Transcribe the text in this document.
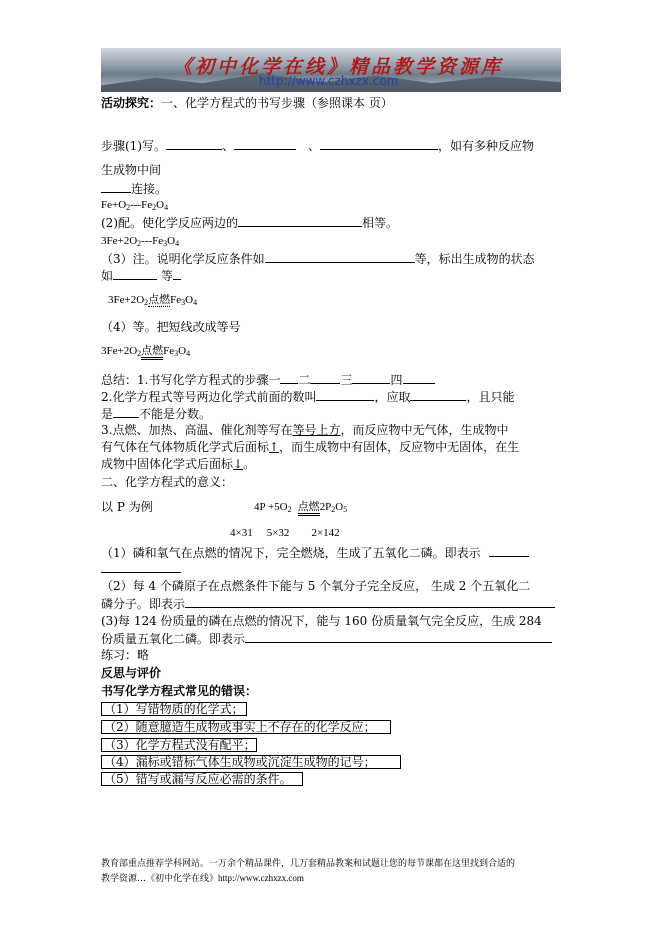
《初中化学在线》精品教学资源库
http://www.czhxzx.com
活动探究：一、化学方程式的书写步骤（参照课本 页）
步骤(1)写。	、	、	，如有多种反应物
生成物中间
连接。
$Fe+O_2---Fe_2O_4$
(2)配。使化学反应两边的	相等。
$3Fe+2O_2---Fe_3O_4$
（3）注。说明化学反应条件如	等，标出生成物的状态
如	等
$3Fe+2O_2$点燃$Fe_3O_4$
（4）等。把短线改成等号
$3Fe+2O_2$点燃$Fe_3O_4$
总结：1.书写化学方程式的步骤一 二	三	四
2.化学方程式等号两边化学式前面的数叫	，应取	，且只能
是 不能是分数。
3.点燃、加热、高温、催化剂等写在等号上方，而反应物中无气体，生成物中
有气体在气体物质化学式后面标↑，而生成物中有固体，反应物中无固体，在生
成物中固体化学式后面标↓。
二、化学方程式的意义：
以 P 为例	$4P +5O_2$ 点燃$2P_2O_5$
4×31 5×32 2×142
（1）磷和氧气在点燃的情况下，完全燃烧，生成了五氧化二磷。即表示
（2）每 4 个磷原子在点燃条件下能与 5 个氧分子完全反应， 生成 2 个五氧化二
磷分子。即表示
(3)每 124 份质量的磷在点燃的情况下，能与 160 份质量氧气完全反应，生成 284
份质量五氧化二磷。即表示
练习：略
反思与评价
书写化学方程式常见的错误：
（1）写错物质的化学式；
（2）随意臆造生成物或事实上不存在的化学反应；
（3）化学方程式没有配平；
（4）漏标或错标气体生成物或沉淀生成物的记号；
（5）错写或漏写反应必需的条件。
教育部重点推荐学科网站。一万余个精品课件，几万套精品教案和试题让您的每节课都在这里找到合适的
教学资源…《初中化学在线》http://www.czhxzx.com
